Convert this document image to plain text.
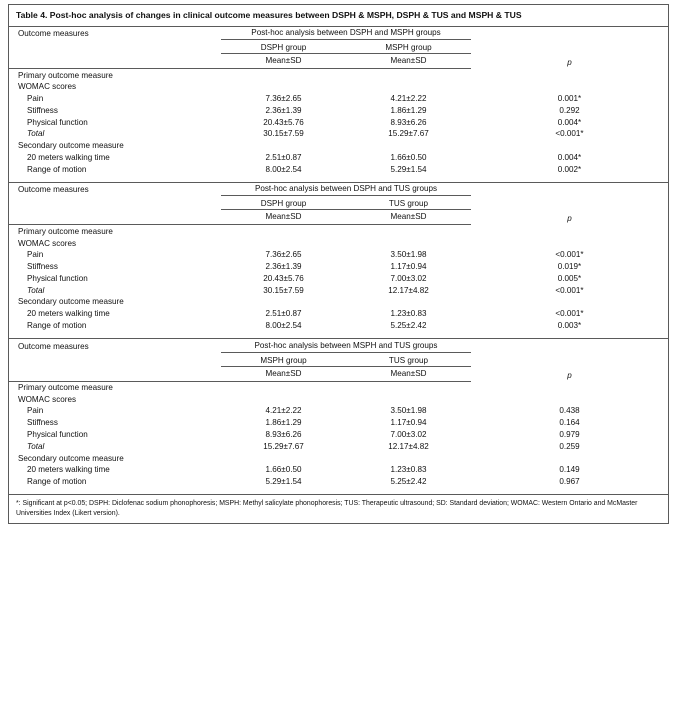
Table 4. Post-hoc analysis of changes in clinical outcome measures between DSPH & MSPH, DSPH & TUS and MSPH & TUS
Outcome measures	Post-hoc analysis between DSPH and MSPH groups		
	DSPH group	MSPH group	p
	Mean±SD	Mean±SD	
Primary outcome measure			
WOMAC scores			
Pain	7.36±2.65	4.21±2.22	0.001*
Stiffness	2.36±1.39	1.86±1.29	0.292
Physical function	20.43±5.76	8.93±6.26	0.004*
Total	30.15±7.59	15.29±7.67	<0.001*
Secondary outcome measure			
20 meters walking time	2.51±0.87	1.66±0.50	0.004*
Range of motion	8.00±2.54	5.29±1.54	0.002*

Outcome measures	Post-hoc analysis between DSPH and TUS groups		
	DSPH group	TUS group	p
	Mean±SD	Mean±SD	
Primary outcome measure			
WOMAC scores			
Pain	7.36±2.65	3.50±1.98	<0.001*
Stiffness	2.36±1.39	1.17±0.94	0.019*
Physical function	20.43±5.76	7.00±3.02	0.005*
Total	30.15±7.59	12.17±4.82	<0.001*
Secondary outcome measure			
20 meters walking time	2.51±0.87	1.23±0.83	<0.001*
Range of motion	8.00±2.54	5.25±2.42	0.003*

Outcome measures	Post-hoc analysis between MSPH and TUS groups		
	MSPH group	TUS group	p
	Mean±SD	Mean±SD	
Primary outcome measure			
WOMAC scores			
Pain	4.21±2.22	3.50±1.98	0.438
Stiffness	1.86±1.29	1.17±0.94	0.164
Physical function	8.93±6.26	7.00±3.02	0.979
Total	15.29±7.67	12.17±4.82	0.259
Secondary outcome measure			
20 meters walking time	1.66±0.50	1.23±0.83	0.149
Range of motion	5.29±1.54	5.25±2.42	0.967

*: Significant at p<0.05; DSPH: Diclofenac sodium phonophoresis; MSPH: Methyl salicylate phonophoresis; TUS: Therapeutic ultrasound; SD: Standard deviation; WOMAC: Western Ontario and McMaster Universities Index (Likert version).
